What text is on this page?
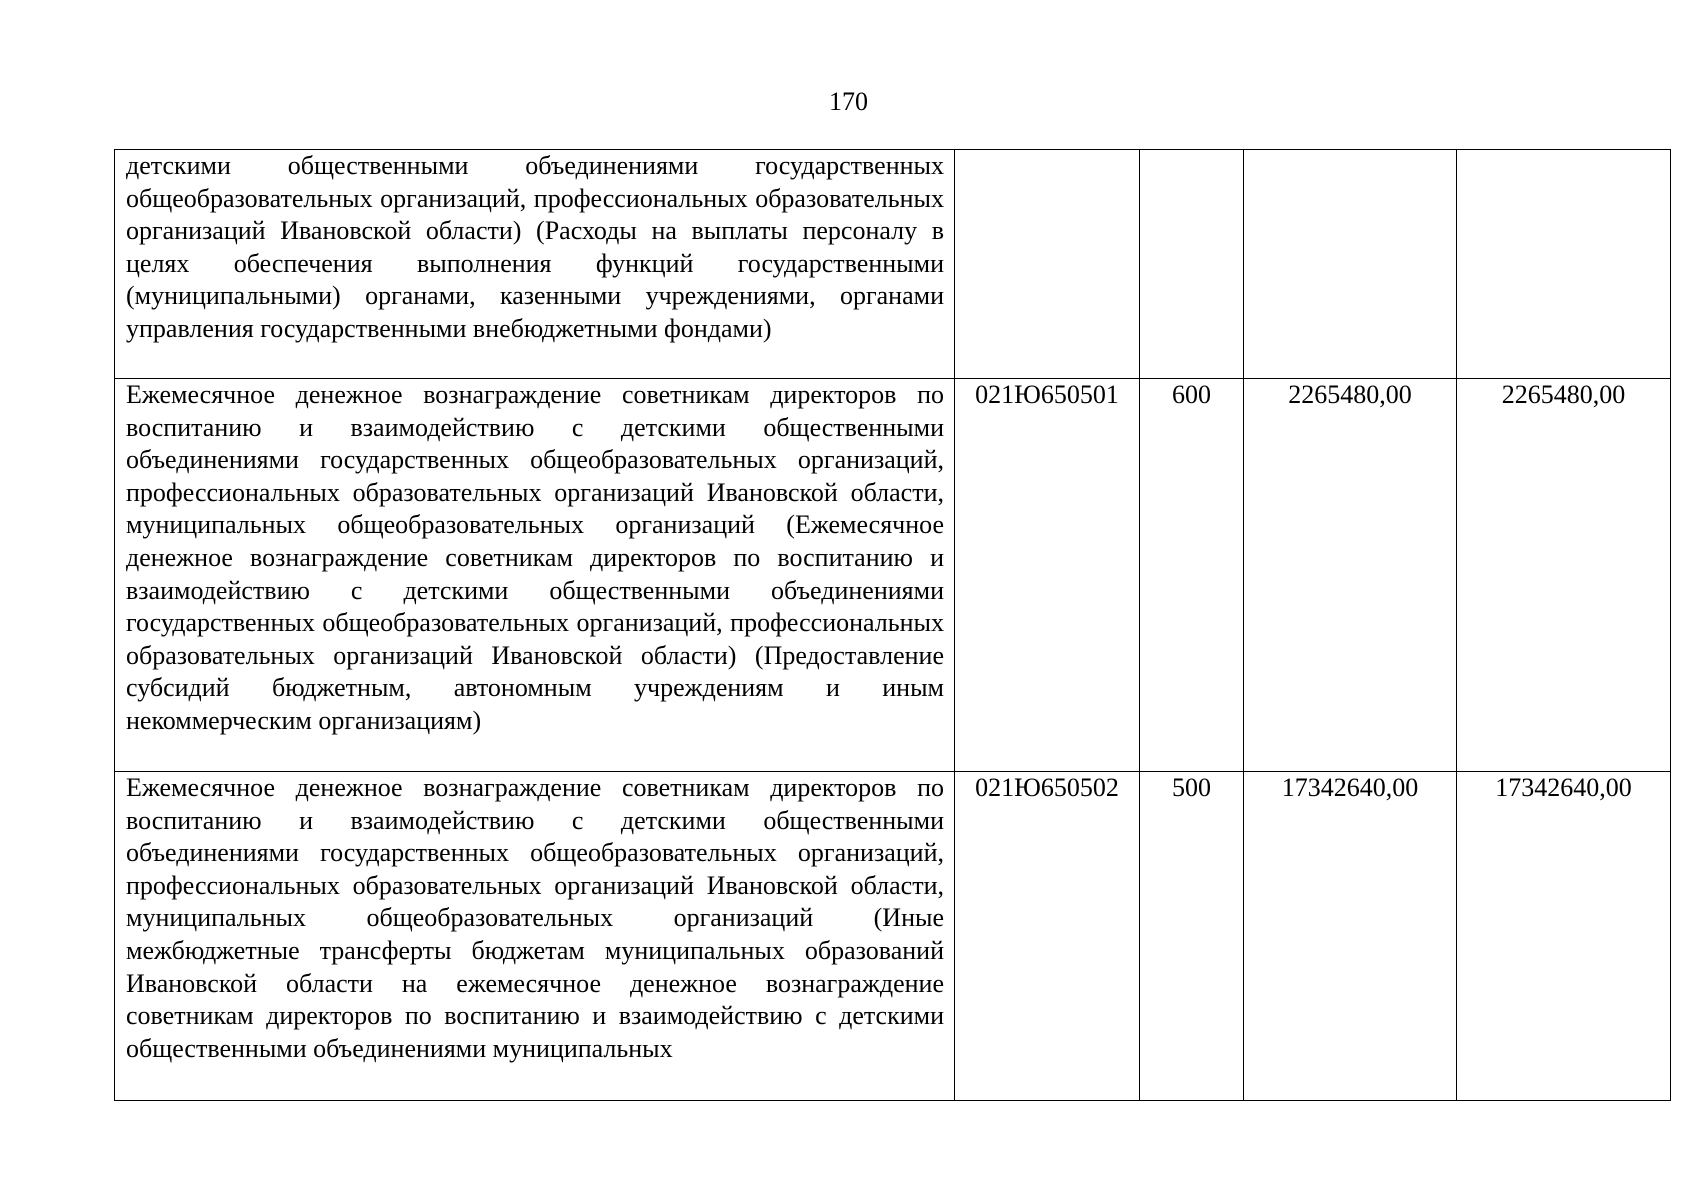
170
детскими общественными объединениями государственных общеобразовательных организаций, профессиональных образовательных организаций Ивановской области) (Расходы на выплаты персоналу в целях обеспечения выполнения функций государственными (муниципальными) органами, казенными учреждениями, органами управления государственными внебюджетными фондами)				

Ежемесячное денежное вознаграждение советникам директоров по воспитанию и взаимодействию с детскими общественными объединениями государственных общеобразовательных организаций, профессиональных образовательных организаций Ивановской области, муниципальных общеобразовательных организаций (Ежемесячное денежное вознаграждение советникам директоров по воспитанию и взаимодействию с детскими общественными объединениями государственных общеобразовательных организаций, профессиональных образовательных организаций Ивановской области) (Предоставление субсидий бюджетным, автономным учреждениям и иным некоммерческим организациям)	021Ю650501	600	2265480,00	2265480,00

Ежемесячное денежное вознаграждение советникам директоров по воспитанию и взаимодействию с детскими общественными объединениями государственных общеобразовательных организаций, профессиональных образовательных организаций Ивановской области, муниципальных общеобразовательных организаций (Иные межбюджетные трансферты бюджетам муниципальных образований Ивановской области на ежемесячное денежное вознаграждение советникам директоров по воспитанию и взаимодействию с детскими общественными объединениями муниципальных	021Ю650502	500	17342640,00	17342640,00
